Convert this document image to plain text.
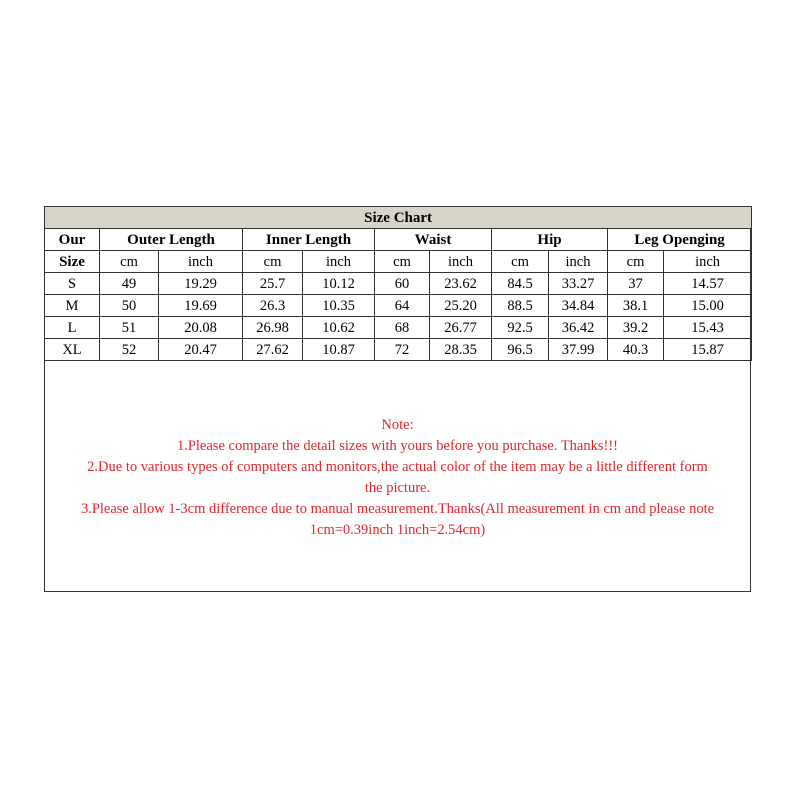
Size Chart										
Our	Outer Length		Inner Length		Waist		Hip		Leg Openging	
Size	cm	inch	cm	inch	cm	inch	cm	inch	cm	inch
S	49	19.29	25.7	10.12	60	23.62	84.5	33.27	37	14.57
M	50	19.69	26.3	10.35	64	25.20	88.5	34.84	38.1	15.00
L	51	20.08	26.98	10.62	68	26.77	92.5	36.42	39.2	15.43
XL	52	20.47	27.62	10.87	72	28.35	96.5	37.99	40.3	15.87
Note:
1.Please compare the detail sizes with yours before you purchase. Thanks!!!
2.Due to various types of computers and monitors,the actual color of the item may be a little different form
the picture.
3.Please allow 1-3cm difference due to manual measurement.Thanks(All measurement in cm and please note
1cm=0.39inch 1inch=2.54cm)
